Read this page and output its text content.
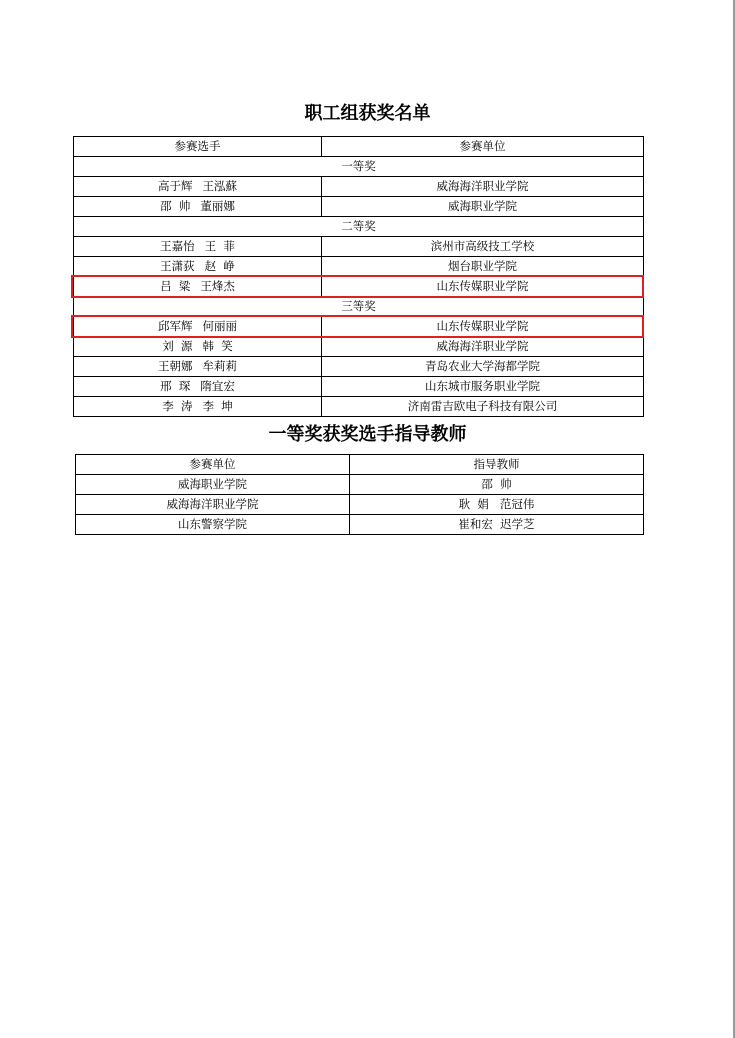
职工组获奖名单
参赛选手	参赛单位
一等奖	
高于辉 王泓蘇	威海海洋职业学院
邵  帅 董丽娜	威海职业学院
二等奖	
王嘉怡 王  菲	滨州市高级技工学校
王潇荻 赵  峥	烟台职业学院
吕  粱 王烽杰	山东传媒职业学院
三等奖	
邱军辉 何丽丽	山东传媒职业学院
刘  源 韩  笑	威海海洋职业学院
王朝娜 牟莉莉	青岛农业大学海都学院
邢  琛 隋宜宏	山东城市服务职业学院
李  涛 李  坤	济南雷吉欧电子科技有限公司
一等奖获奖选手指导教师
参赛单位	指导教师
威海职业学院	邵  帅
威海海洋职业学院	耿  娟   范冠伟
山东警察学院	崔和宏  迟学芝
